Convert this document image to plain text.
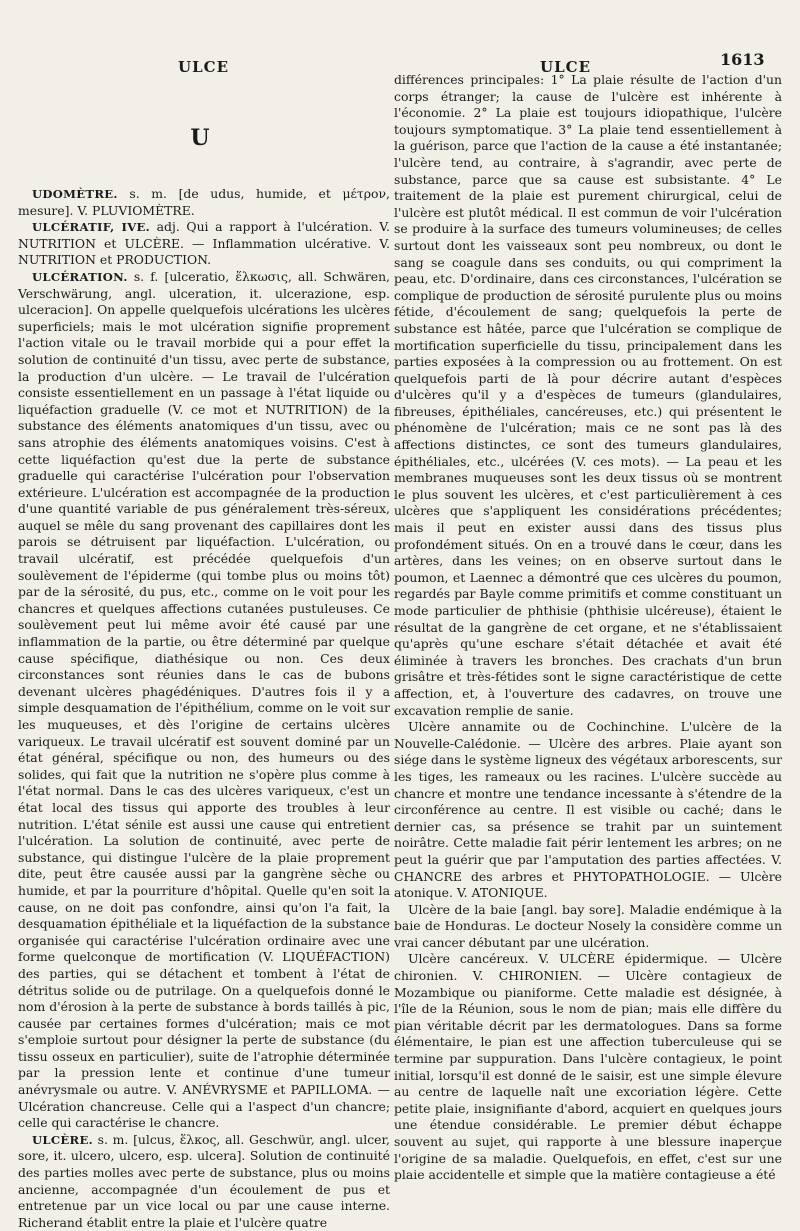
ULCE	ULCE	1613
U

UDOMÈTRE. s. m. [de udus, humide, et μέτρον, mesure]. V. PLUVIOMÈTRE.

ULCÉRATIF, IVE. adj. Qui a rapport à l'ulcération. V. NUTRITION et ULCÈRE. — Inflammation ulcérative. V. NUTRITION et PRODUCTION.

ULCÉRATION. s. f. [ulceratio, ἕλκωσις, all. Schwären, Verschwärung, angl. ulceration, it. ulcerazione, esp. ulceracion]. On appelle quelquefois ulcérations les ulcères superficiels; mais le mot ulcération signifie proprement l'action vitale ou le travail morbide qui a pour effet la solution de continuité d'un tissu, avec perte de substance, la production d'un ulcère. — Le travail de l'ulcération consiste essentiellement en un passage à l'état liquide ou liquéfaction graduelle (V. ce mot et NUTRITION) de la substance des éléments anatomiques d'un tissu, avec ou sans atrophie des éléments anatomiques voisins. C'est à cette liquéfaction qu'est due la perte de substance graduelle qui caractérise l'ulcération pour l'observation extérieure. L'ulcération est accompagnée de la production d'une quantité variable de pus généralement très-séreux, auquel se mêle du sang provenant des capillaires dont les parois se détruisent par liquéfaction. L'ulcération, ou travail ulcératif, est précédée quelquefois d'un soulèvement de l'épiderme (qui tombe plus ou moins tôt) par de la sérosité, du pus, etc., comme on le voit pour les chancres et quelques affections cutanées pustuleuses. Ce soulèvement peut lui même avoir été causé par une inflammation de la partie, ou être déterminé par quelque cause spécifique, diathésique ou non. Ces deux circonstances sont réunies dans le cas de bubons devenant ulcères phagédéniques. D'autres fois il y a simple desquamation de l'épithélium, comme on le voit sur les muqueuses, et dès l'origine de certains ulcères variqueux. Le travail ulcératif est souvent dominé par un état général, spécifique ou non, des humeurs ou des solides, qui fait que la nutrition ne s'opère plus comme à l'état normal. Dans le cas des ulcères variqueux, c'est un état local des tissus qui apporte des troubles à leur nutrition. L'état sénile est aussi une cause qui entretient l'ulcération. La solution de continuité, avec perte de substance, qui distingue l'ulcère de la plaie proprement dite, peut être causée aussi par la gangrène sèche ou humide, et par la pourriture d'hôpital. Quelle qu'en soit la cause, on ne doit pas confondre, ainsi qu'on l'a fait, la desquamation épithéliale et la liquéfaction de la substance organisée qui caractérise l'ulcération ordinaire avec une forme quelconque de mortification (V. LIQUÉFACTION) des parties, qui se détachent et tombent à l'état de détritus solide ou de putrilage. On a quelquefois donné le nom d'érosion à la perte de substance à bords taillés à pic, causée par certaines formes d'ulcération; mais ce mot s'emploie surtout pour désigner la perte de substance (du tissu osseux en particulier), suite de l'atrophie déterminée par la pression lente et continue d'une tumeur anévrysmale ou autre. V. ANÉVRYSME et PAPILLOMA. — Ulcération chancreuse. Celle qui a l'aspect d'un chancre; celle qui caractérise le chancre.

ULCÈRE. s. m. [ulcus, ἕλκος, all. Geschwür, angl. ulcer, sore, it. ulcero, ulcero, esp. ulcera]. Solution de continuité des parties molles avec perte de substance, plus ou moins ancienne, accompagnée d'un écoulement de pus et entretenue par un vice local ou par une cause interne. Richerand établit entre la plaie et l'ulcère quatre

différences principales: 1° La plaie résulte de l'action d'un corps étranger; la cause de l'ulcère est inhérente à l'économie. 2° La plaie est toujours idiopathique, l'ulcère toujours symptomatique. 3° La plaie tend essentiellement à la guérison, parce que l'action de la cause a été instantanée; l'ulcère tend, au contraire, à s'agrandir, avec perte de substance, parce que sa cause est subsistante. 4° Le traitement de la plaie est purement chirurgical, celui de l'ulcère est plutôt médical. Il est commun de voir l'ulcération se produire à la surface des tumeurs volumineuses; de celles surtout dont les vaisseaux sont peu nombreux, ou dont le sang se coagule dans ses conduits, ou qui compriment la peau, etc. D'ordinaire, dans ces circonstances, l'ulcération se complique de production de sérosité purulente plus ou moins fétide, d'écoulement de sang; quelquefois la perte de substance est hâtée, parce que l'ulcération se complique de mortification superficielle du tissu, principalement dans les parties exposées à la compression ou au frottement. On est quelquefois parti de là pour décrire autant d'espèces d'ulcères qu'il y a d'espèces de tumeurs (glandulaires, fibreuses, épithéliales, cancéreuses, etc.) qui présentent le phénomène de l'ulcération; mais ce ne sont pas là des affections distinctes, ce sont des tumeurs glandulaires, épithéliales, etc., ulcérées (V. ces mots). — La peau et les membranes muqueuses sont les deux tissus où se montrent le plus souvent les ulcères, et c'est particulièrement à ces ulcères que s'appliquent les considérations précédentes; mais il peut en exister aussi dans des tissus plus profondément situés. On en a trouvé dans le cœur, dans les artères, dans les veines; on en observe surtout dans le poumon, et Laennec a démontré que ces ulcères du poumon, regardés par Bayle comme primitifs et comme constituant un mode particulier de phthisie (phthisie ulcéreuse), étaient le résultat de la gangrène de cet organe, et ne s'établissaient qu'après qu'une eschare s'était détachée et avait été éliminée à travers les bronches. Des crachats d'un brun grisâtre et très-fétides sont le signe caractéristique de cette affection, et, à l'ouverture des cadavres, on trouve une excavation remplie de sanie.

Ulcère annamite ou de Cochinchine. L'ulcère de la Nouvelle-Calédonie. — Ulcère des arbres. Plaie ayant son siége dans le système ligneux des végétaux arborescents, sur les tiges, les rameaux ou les racines. L'ulcère succède au chancre et montre une tendance incessante à s'étendre de la circonférence au centre. Il est visible ou caché; dans le dernier cas, sa présence se trahit par un suintement noirâtre. Cette maladie fait périr lentement les arbres; on ne peut la guérir que par l'amputation des parties affectées. V. CHANCRE des arbres et PHYTOPATHOLOGIE. — Ulcère atonique. V. ATONIQUE.

Ulcère de la baie [angl. bay sore]. Maladie endémique à la baie de Honduras. Le docteur Nosely la considère comme un vrai cancer débutant par une ulcération.

Ulcère cancéreux. V. ULCÈRE épidermique. — Ulcère chironien. V. CHIRONIEN. — Ulcère contagieux de Mozambique ou pianiforme. Cette maladie est désignée, à l'île de la Réunion, sous le nom de pian; mais elle diffère du pian véritable décrit par les dermatologues. Dans sa forme élémentaire, le pian est une affection tuberculeuse qui se termine par suppuration. Dans l'ulcère contagieux, le point initial, lorsqu'il est donné de le saisir, est une simple élevure au centre de laquelle naît une excoriation légère. Cette petite plaie, insignifiante d'abord, acquiert en quelques jours une étendue considérable. Le premier début échappe souvent au sujet, qui rapporte à une blessure inaperçue l'origine de sa maladie. Quelquefois, en effet, c'est sur une plaie accidentelle et simple que la matière contagieuse a été
